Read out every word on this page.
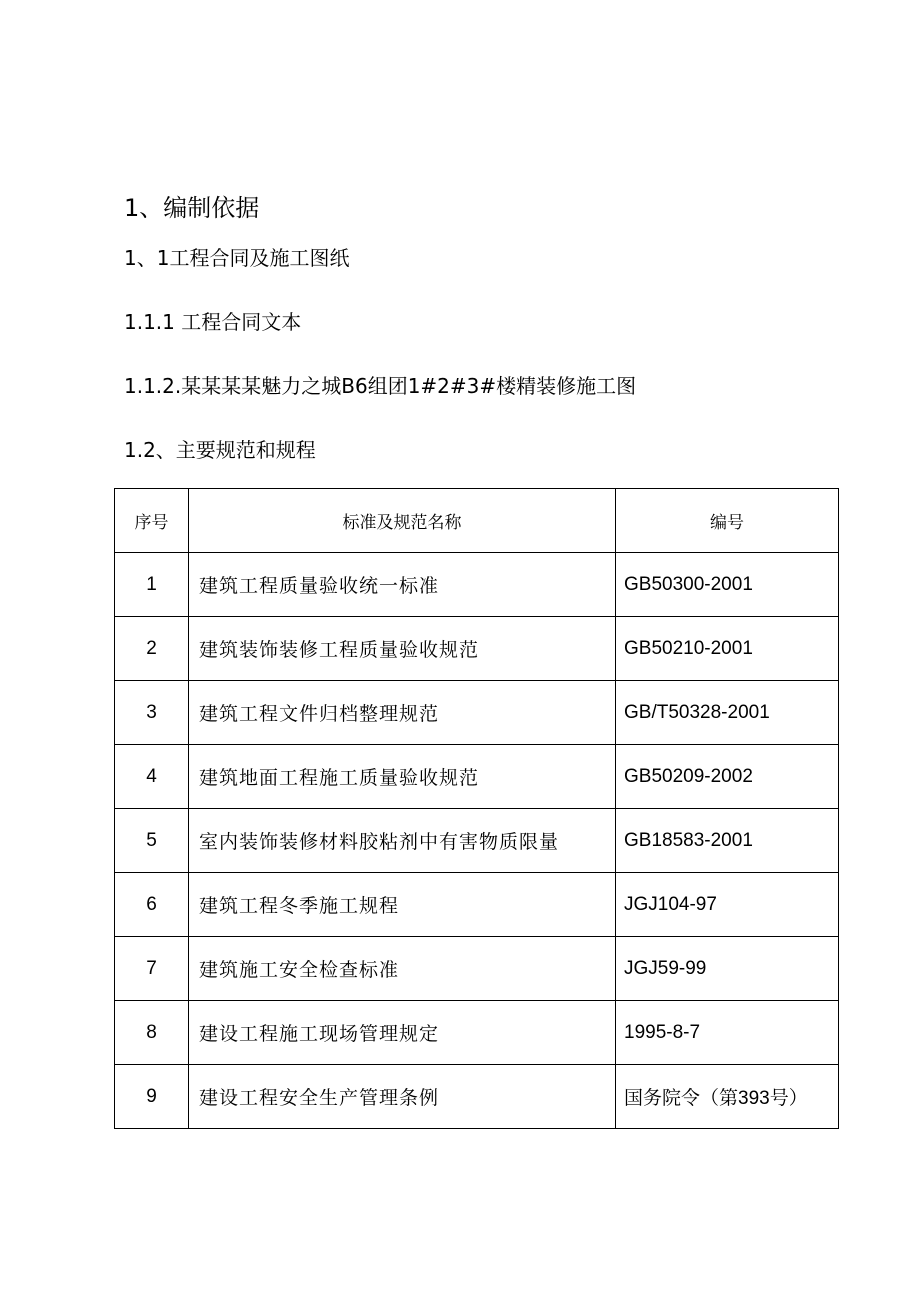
1、编制依据
1、1工程合同及施工图纸
1.1.1 工程合同文本
1.1.2.某某某某魅力之城B6组团1#2#3#楼精装修施工图
1.2、主要规范和规程
序号	标准及规范名称	编号
1	建筑工程质量验收统一标准	GB50300-2001
2	建筑装饰装修工程质量验收规范	GB50210-2001
3	建筑工程文件归档整理规范	GB/T50328-2001
4	建筑地面工程施工质量验收规范	GB50209-2002
5	室内装饰装修材料胶粘剂中有害物质限量	GB18583-2001
6	建筑工程冬季施工规程	JGJ104-97
7	建筑施工安全检查标准	JGJ59-99
8	建设工程施工现场管理规定	1995-8-7
9	建设工程安全生产管理条例	国务院令（第393号）
